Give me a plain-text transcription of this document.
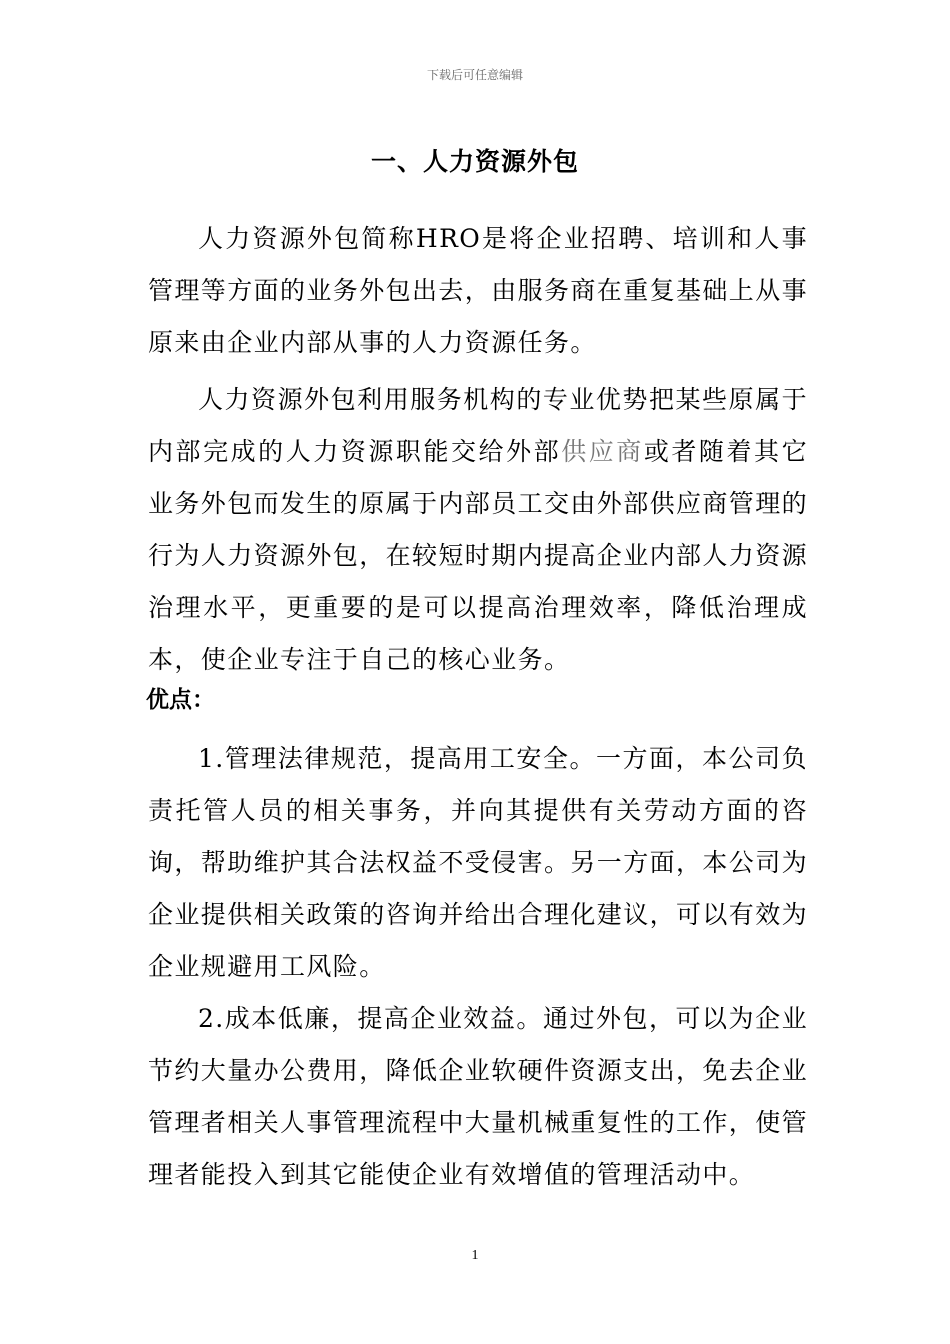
下载后可任意编辑
一、人力资源外包

人力资源外包简称HRO是将企业招聘、培训和人事管理等方面的业务外包出去，由服务商在重复基础上从事原来由企业内部从事的人力资源任务。

人力资源外包利用服务机构的专业优势把某些原属于内部完成的人力资源职能交给外部供应商或者随着其它业务外包而发生的原属于内部员工交由外部供应商管理的行为人力资源外包，在较短时期内提高企业内部人力资源治理水平，更重要的是可以提高治理效率，降低治理成本，使企业专注于自己的核心业务。

优点：

1.管理法律规范，提高用工安全。一方面，本公司负责托管人员的相关事务，并向其提供有关劳动方面的咨询，帮助维护其合法权益不受侵害。另一方面，本公司为企业提供相关政策的咨询并给出合理化建议，可以有效为企业规避用工风险。

2.成本低廉，提高企业效益。通过外包，可以为企业节约大量办公费用，降低企业软硬件资源支出，免去企业管理者相关人事管理流程中大量机械重复性的工作，使管理者能投入到其它能使企业有效增值的管理活动中。

1
